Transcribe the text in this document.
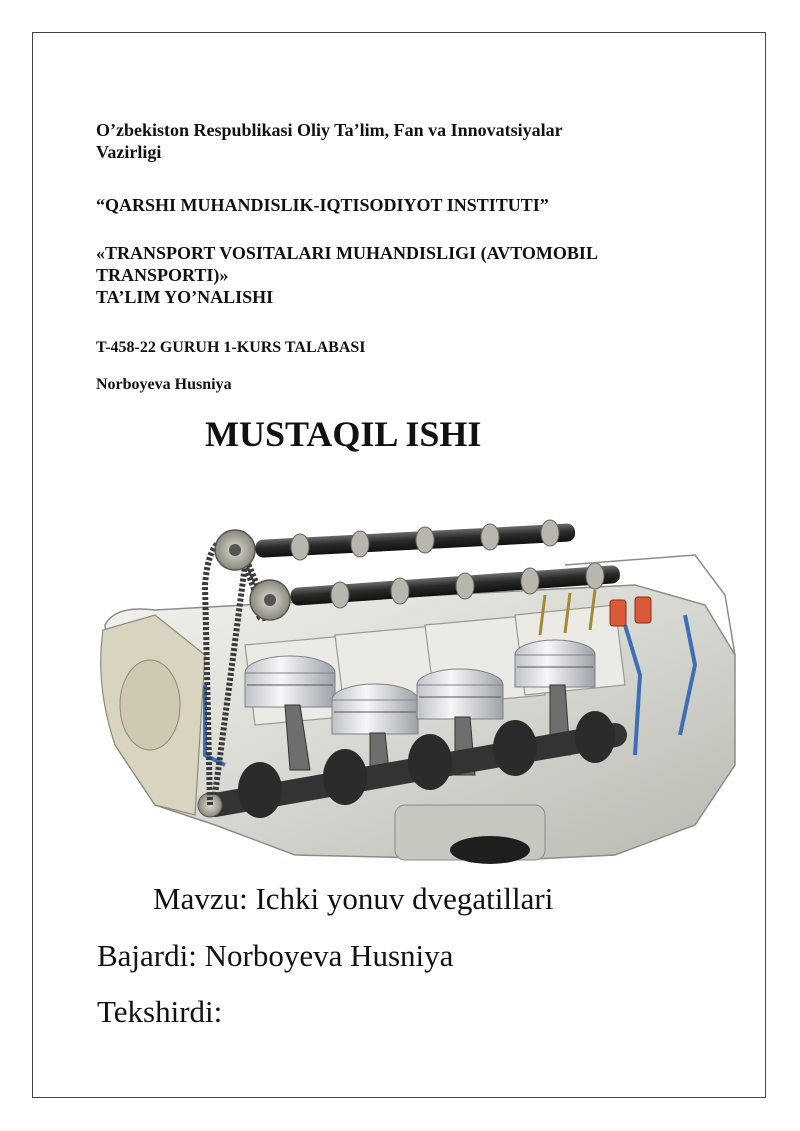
O’zbekiston Respublikasi Oliy Ta’lim, Fan va Innovatsiyalar
Vazirligi

“QARSHI MUHANDISLIK-IQTISODIYOT INSTITUTI”

«TRANSPORT VOSITALARI MUHANDISLIGI (AVTOMOBIL
TRANSPORTI)»
TA’LIM YO’NALISHI

T-458-22 GURUH 1-KURS TALABASI

Norboyeva Husniya

MUSTAQIL ISHI

Mavzu: Ichki yonuv dvegatillari

Bajardi: Norboyeva Husniya

Tekshirdi:
